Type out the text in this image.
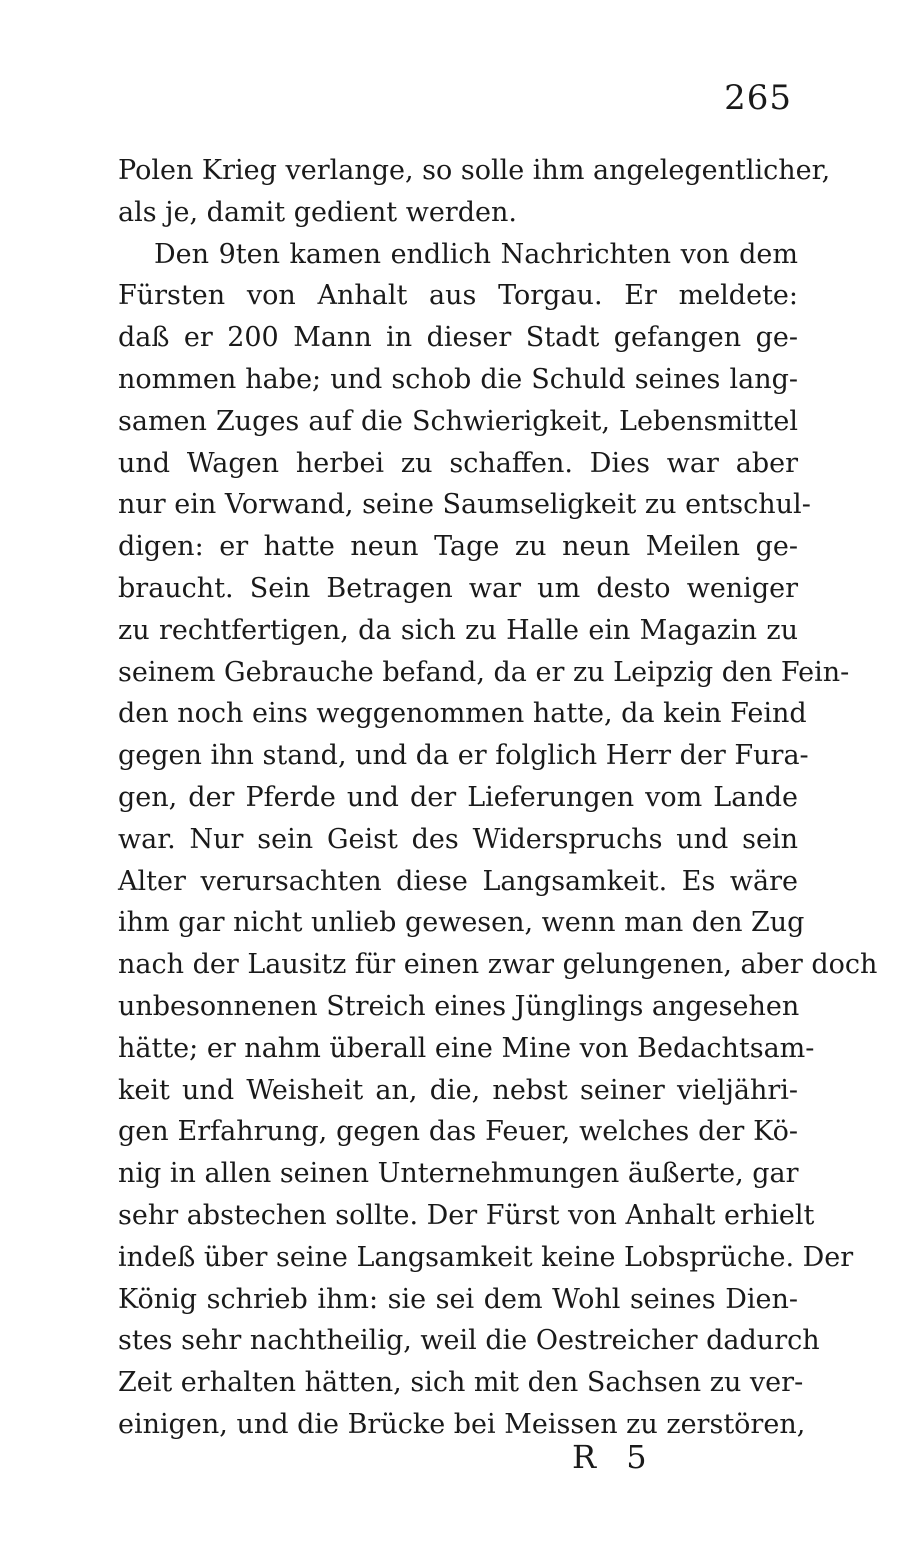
265
Polen Krieg verlange, so solle ihm angelegentlicher,
als je, damit gedient werden.
Den 9ten kamen endlich Nachrichten von dem
Fürsten von Anhalt aus Torgau. Er meldete:
daß er 200 Mann in dieser Stadt gefangen ge-
nommen habe; und schob die Schuld seines lang-
samen Zuges auf die Schwierigkeit, Lebensmittel
und Wagen herbei zu schaffen. Dies war aber
nur ein Vorwand, seine Saumseligkeit zu entschul-
digen: er hatte neun Tage zu neun Meilen ge-
braucht. Sein Betragen war um desto weniger
zu rechtfertigen, da sich zu Halle ein Magazin zu
seinem Gebrauche befand, da er zu Leipzig den Fein-
den noch eins weggenommen hatte, da kein Feind
gegen ihn stand, und da er folglich Herr der Fura-
gen, der Pferde und der Lieferungen vom Lande
war. Nur sein Geist des Widerspruchs und sein
Alter verursachten diese Langsamkeit. Es wäre
ihm gar nicht unlieb gewesen, wenn man den Zug
nach der Lausitz für einen zwar gelungenen, aber doch
unbesonnenen Streich eines Jünglings angesehen
hätte; er nahm überall eine Mine von Bedachtsam-
keit und Weisheit an, die, nebst seiner vieljähri-
gen Erfahrung, gegen das Feuer, welches der Kö-
nig in allen seinen Unternehmungen äußerte, gar
sehr abstechen sollte. Der Fürst von Anhalt erhielt
indeß über seine Langsamkeit keine Lobsprüche. Der
König schrieb ihm: sie sei dem Wohl seines Dien-
stes sehr nachtheilig, weil die Oestreicher dadurch
Zeit erhalten hätten, sich mit den Sachsen zu ver-
einigen, und die Brücke bei Meissen zu zerstören,
R 5
